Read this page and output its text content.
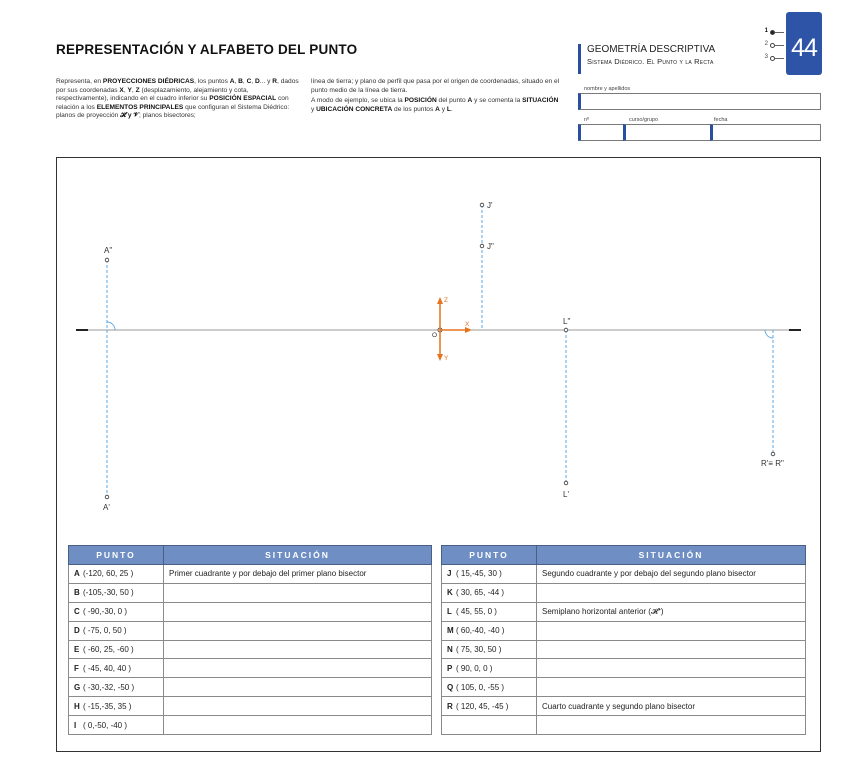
REPRESENTACIÓN Y ALFABETO DEL PUNTO
Representa, en PROYECCIONES DIÉDRICAS, los puntos A, B, C, D... y R, dados por sus coordenadas X, Y, Z (desplazamiento, alejamiento y cota, respectivamente), indicando en el cuadro inferior su POSICIÓN ESPACIAL con relación a los ELEMENTOS PRINCIPALES que configuran el Sistema Diédrico: planos de proyección 𝓗 y 𝓥; planos bisectores;
línea de tierra; y plano de perfil que pasa por el origen de coordenadas, situado en el punto medio de la línea de tierra.
A modo de ejemplo, se ubica la POSICIÓN del punto A y se comenta la SITUACIÓN y UBICACIÓN CONCRETA de los puntos A y L.
GEOMETRÍA DESCRIPTIVA
Sistema Diédrico. El Punto y la Recta	44
1
2
3
nombre y apellidos
nº	curso/grupo	fecha
A"
A'
J'
J"
L"
L'
R'≡ R"
O
Z
X
Y
PUNTO	SITUACIÓN
A (-120, 60, 25 )	Primer cuadrante y por debajo del primer plano bisector
B (-105,-30, 50 )	
C ( -90,-30, 0 )	
D ( -75, 0, 50 )	
E ( -60, 25, -60 )	
F ( -45, 40, 40 )	
G ( -30,-32, -50 )	
H ( -15,-35, 35 )	
I ( 0,-50, -40 )	
PUNTO	SITUACIÓN
J ( 15,-45, 30 )	Segundo cuadrante y por debajo del segundo plano bisector
K ( 30, 65, -44 )	
L ( 45, 55, 0 )	Semiplano horizontal anterior (𝓗⁺)
M ( 60,-40, -40 )	
N ( 75, 30, 50 )	
P ( 90, 0, 0 )	
Q ( 105, 0, -55 )	
R ( 120, 45, -45 )	Cuarto cuadrante y segundo plano bisector
